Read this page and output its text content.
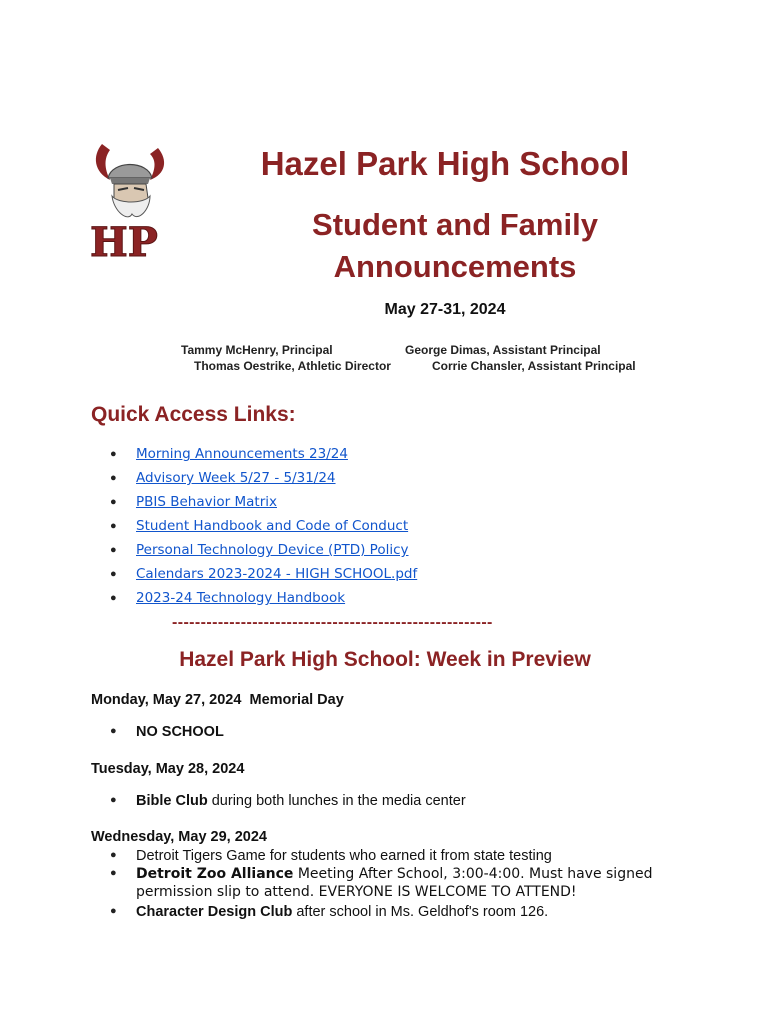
HP
Hazel Park High School
Student and Family Announcements
May 27-31, 2024
Tammy McHenry, Principal	George Dimas, Assistant Principal
Thomas Oestrike, Athletic Director	Corrie Chansler, Assistant Principal
Quick Access Links:
● Morning Announcements 23/24
● Advisory Week 5/27 - 5/31/24
● PBIS Behavior Matrix
● Student Handbook and Code of Conduct
● Personal Technology Device (PTD) Policy
● Calendars 2023-2024 - HIGH SCHOOL.pdf
● 2023-24 Technology Handbook
--------------------------------------------------------
Hazel Park High School: Week in Preview
Monday, May 27, 2024 Memorial Day
● NO SCHOOL
Tuesday, May 28, 2024
● Bible Club during both lunches in the media center
Wednesday, May 29, 2024
● Detroit Tigers Game for students who earned it from state testing
● Detroit Zoo Alliance Meeting After School, 3:00-4:00. Must have signed
permission slip to attend. EVERYONE IS WELCOME TO ATTEND!
● Character Design Club after school in Ms. Geldhof's room 126.
